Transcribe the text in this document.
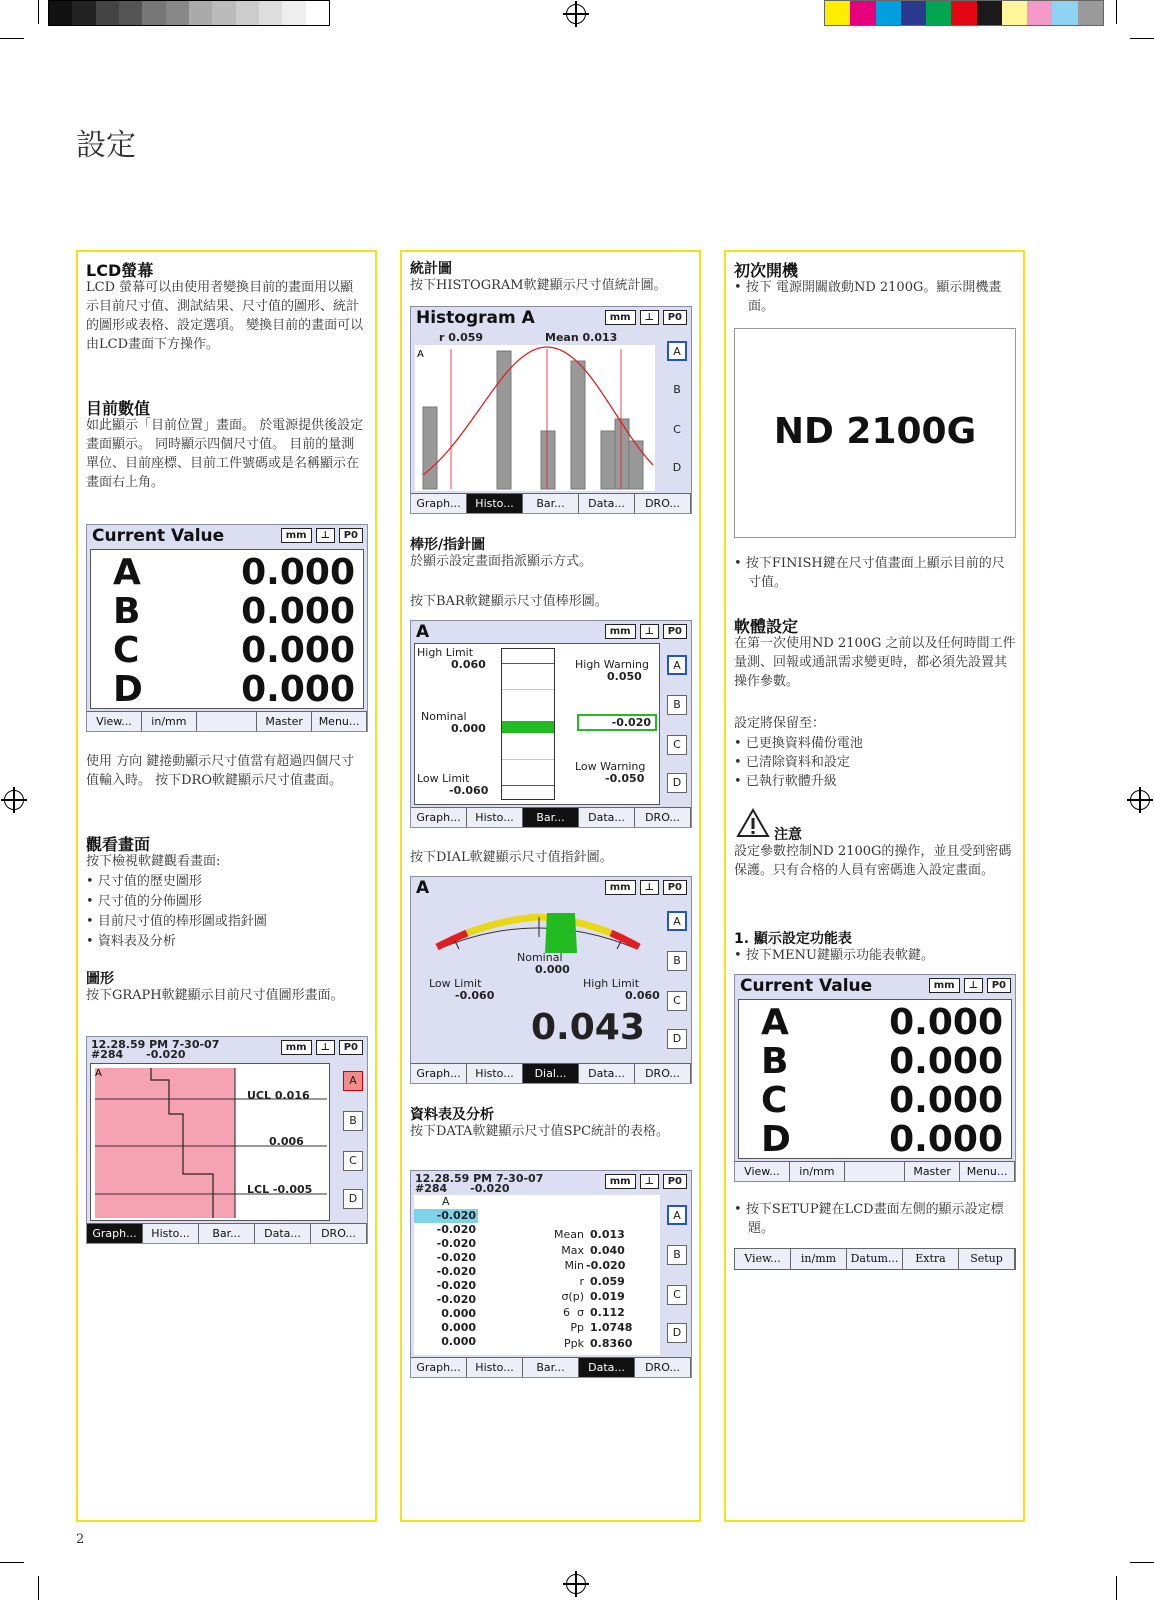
設定
2
LCD螢幕
LCD 螢幕可以由使用者變換目前的畫面用以顯示目前尺寸值、測試結果、尺寸值的圖形、統計的圖形或表格、設定選項。 變換目前的畫面可以由LCD畫面下方操作。
目前數值
如此顯示「目前位置」畫面。 於電源提供後設定畫面顯示。 同時顯示四個尺寸值。 目前的量測單位、目前座標、目前工件號碼或是名稱顯示在畫面右上角。
Current Value	mm	⊥	P0
A	0.000
B	0.000
C	0.000
D	0.000
View...	in/mm	Master	Menu...
使用 方向 鍵捲動顯示尺寸值當有超過四個尺寸值輸入時。 按下DRO軟鍵顯示尺寸值畫面。
觀看畫面
按下檢視軟鍵觀看畫面:
• 尺寸值的歷史圖形
• 尺寸值的分佈圖形
• 目前尺寸值的棒形圖或指針圖
• 資料表及分析
圖形
按下GRAPH軟鍵顯示目前尺寸值圖形畫面。
12.28.59 PM 7-30-07
#284      -0.020
mm	⊥	P0
A
UCL 0.016
0.006
LCL -0.005
A
B
C
D
Graph...	Histo...	Bar...	Data...	DRO...
統計圖
按下HISTOGRAM軟鍵顯示尺寸值統計圖。
Histogram A	mm	⊥	P0
r 0.059	Mean 0.013
A	A
B
C
D
Graph...	Histo...	Bar...	Data...	DRO...
棒形/指針圖
於顯示設定畫面指派顯示方式。
按下BAR軟鍵顯示尺寸值棒形圖。
A	mm	⊥	P0
High Limit
0.060
Nominal
0.000
Low Limit
-0.060
High Warning
0.050
-0.020
Low Warning
-0.050
A
B
C
D
Graph...	Histo...	Bar...	Data...	DRO...
按下DIAL軟鍵顯示尺寸值指針圖。
A	mm	⊥	P0
Nominal
0.000
Low Limit
-0.060
High Limit
0.060
0.043
A
B
C
D
Graph...	Histo...	Dial...	Data...	DRO...
資料表及分析
按下DATA軟鍵顯示尺寸值SPC統計的表格。
12.28.59 PM 7-30-07
#284      -0.020
mm	⊥	P0
A
-0.020
-0.020
-0.020
-0.020
-0.020
-0.020
-0.020
0.000
0.000
0.000
Mean 0.013
Max 0.040
Min -0.020
r 0.059
σ(p) 0.019
6  σ 0.112
Pp 1.0748
Ppk 0.8360
A
B
C
D
Graph...	Histo...	Bar...	Data...	DRO...
初次開機
• 按下 電源開關啟動ND 2100G。顯示開機畫面。
ND 2100G
• 按下FINISH鍵在尺寸值畫面上顯示目前的尺寸值。
軟體設定
在第一次使用ND 2100G 之前以及任何時間工件量測、回報或通訊需求變更時，都必須先設置其操作參數。
設定將保留至：
• 已更換資料備份電池
• 已清除資料和設定
• 已執行軟體升級
注意
設定參數控制ND 2100G的操作，並且受到密碼保護。只有合格的人員有密碼進入設定畫面。
1. 顯示設定功能表
• 按下MENU鍵顯示功能表軟鍵。
Current Value	mm	⊥	P0
A	0.000
B	0.000
C	0.000
D	0.000
View...	in/mm	Master	Menu...
• 按下SETUP鍵在LCD畫面左側的顯示設定標題。
View...	in/mm	Datum...	Extra	Setup
